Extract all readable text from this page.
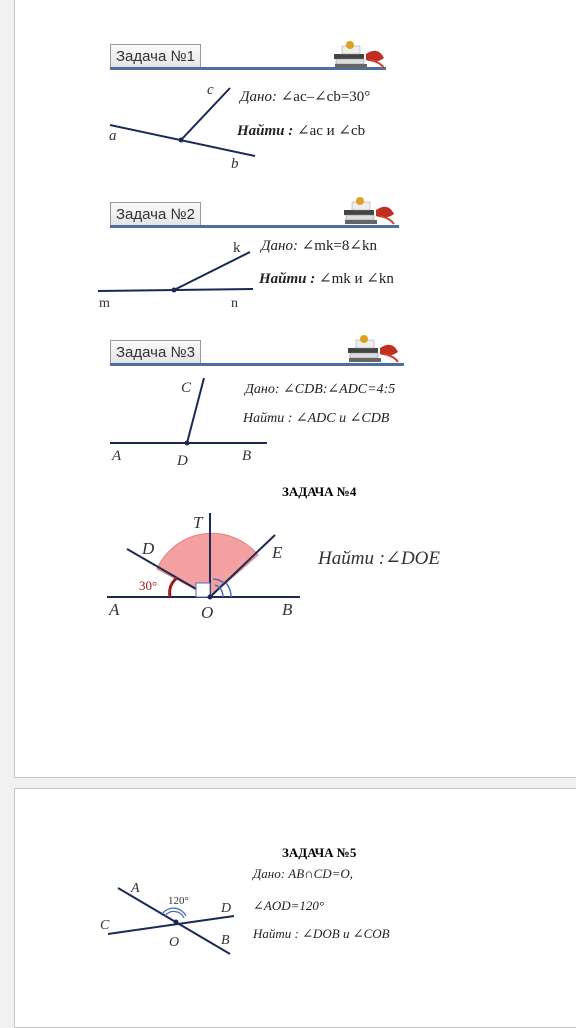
Задача №1
a
b
c Дано: ∠ac–∠cb=30°
Найти : ∠ac и ∠cb
Задача №2
m	n
k Дано: ∠mk=8∠kn
Найти : ∠mk и ∠kn
Задача №3
A	D	B
C	Дано: ∠CDB:∠ADC=4:5
Найти : ∠ADC и ∠CDB
ЗАДАЧА №4
30°
T
D	E
A	O	B
Найти :∠DOE
ЗАДАЧА №5
120°
A
C
D
B
O
Дано: AB∩CD=O,
∠AOD=120°
Найти : ∠DOB и ∠COB
